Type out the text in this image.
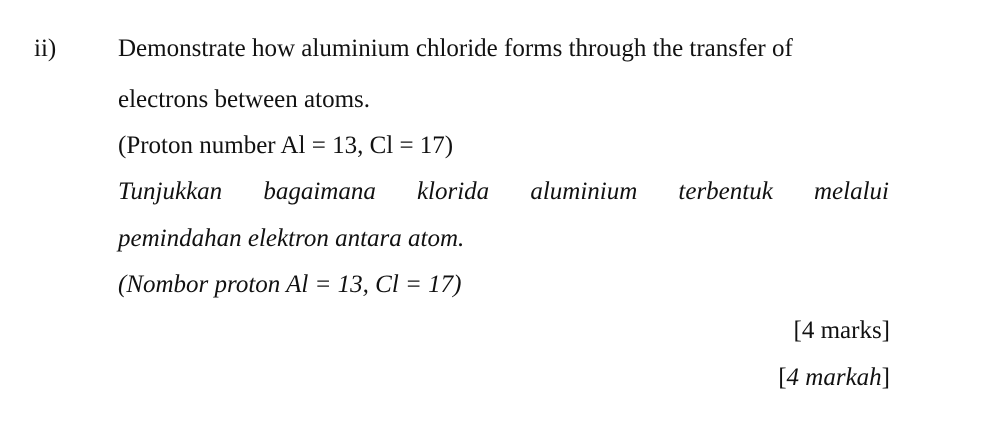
ii) Demonstrate how aluminium chloride forms through the transfer of
electrons between atoms.
(Proton number Al = 13, Cl = 17)
Tunjukkan bagaimana klorida aluminium terbentuk melalui
pemindahan elektron antara atom.
(Nombor proton Al = 13, Cl = 17)
[4 marks]
[4 markah]
